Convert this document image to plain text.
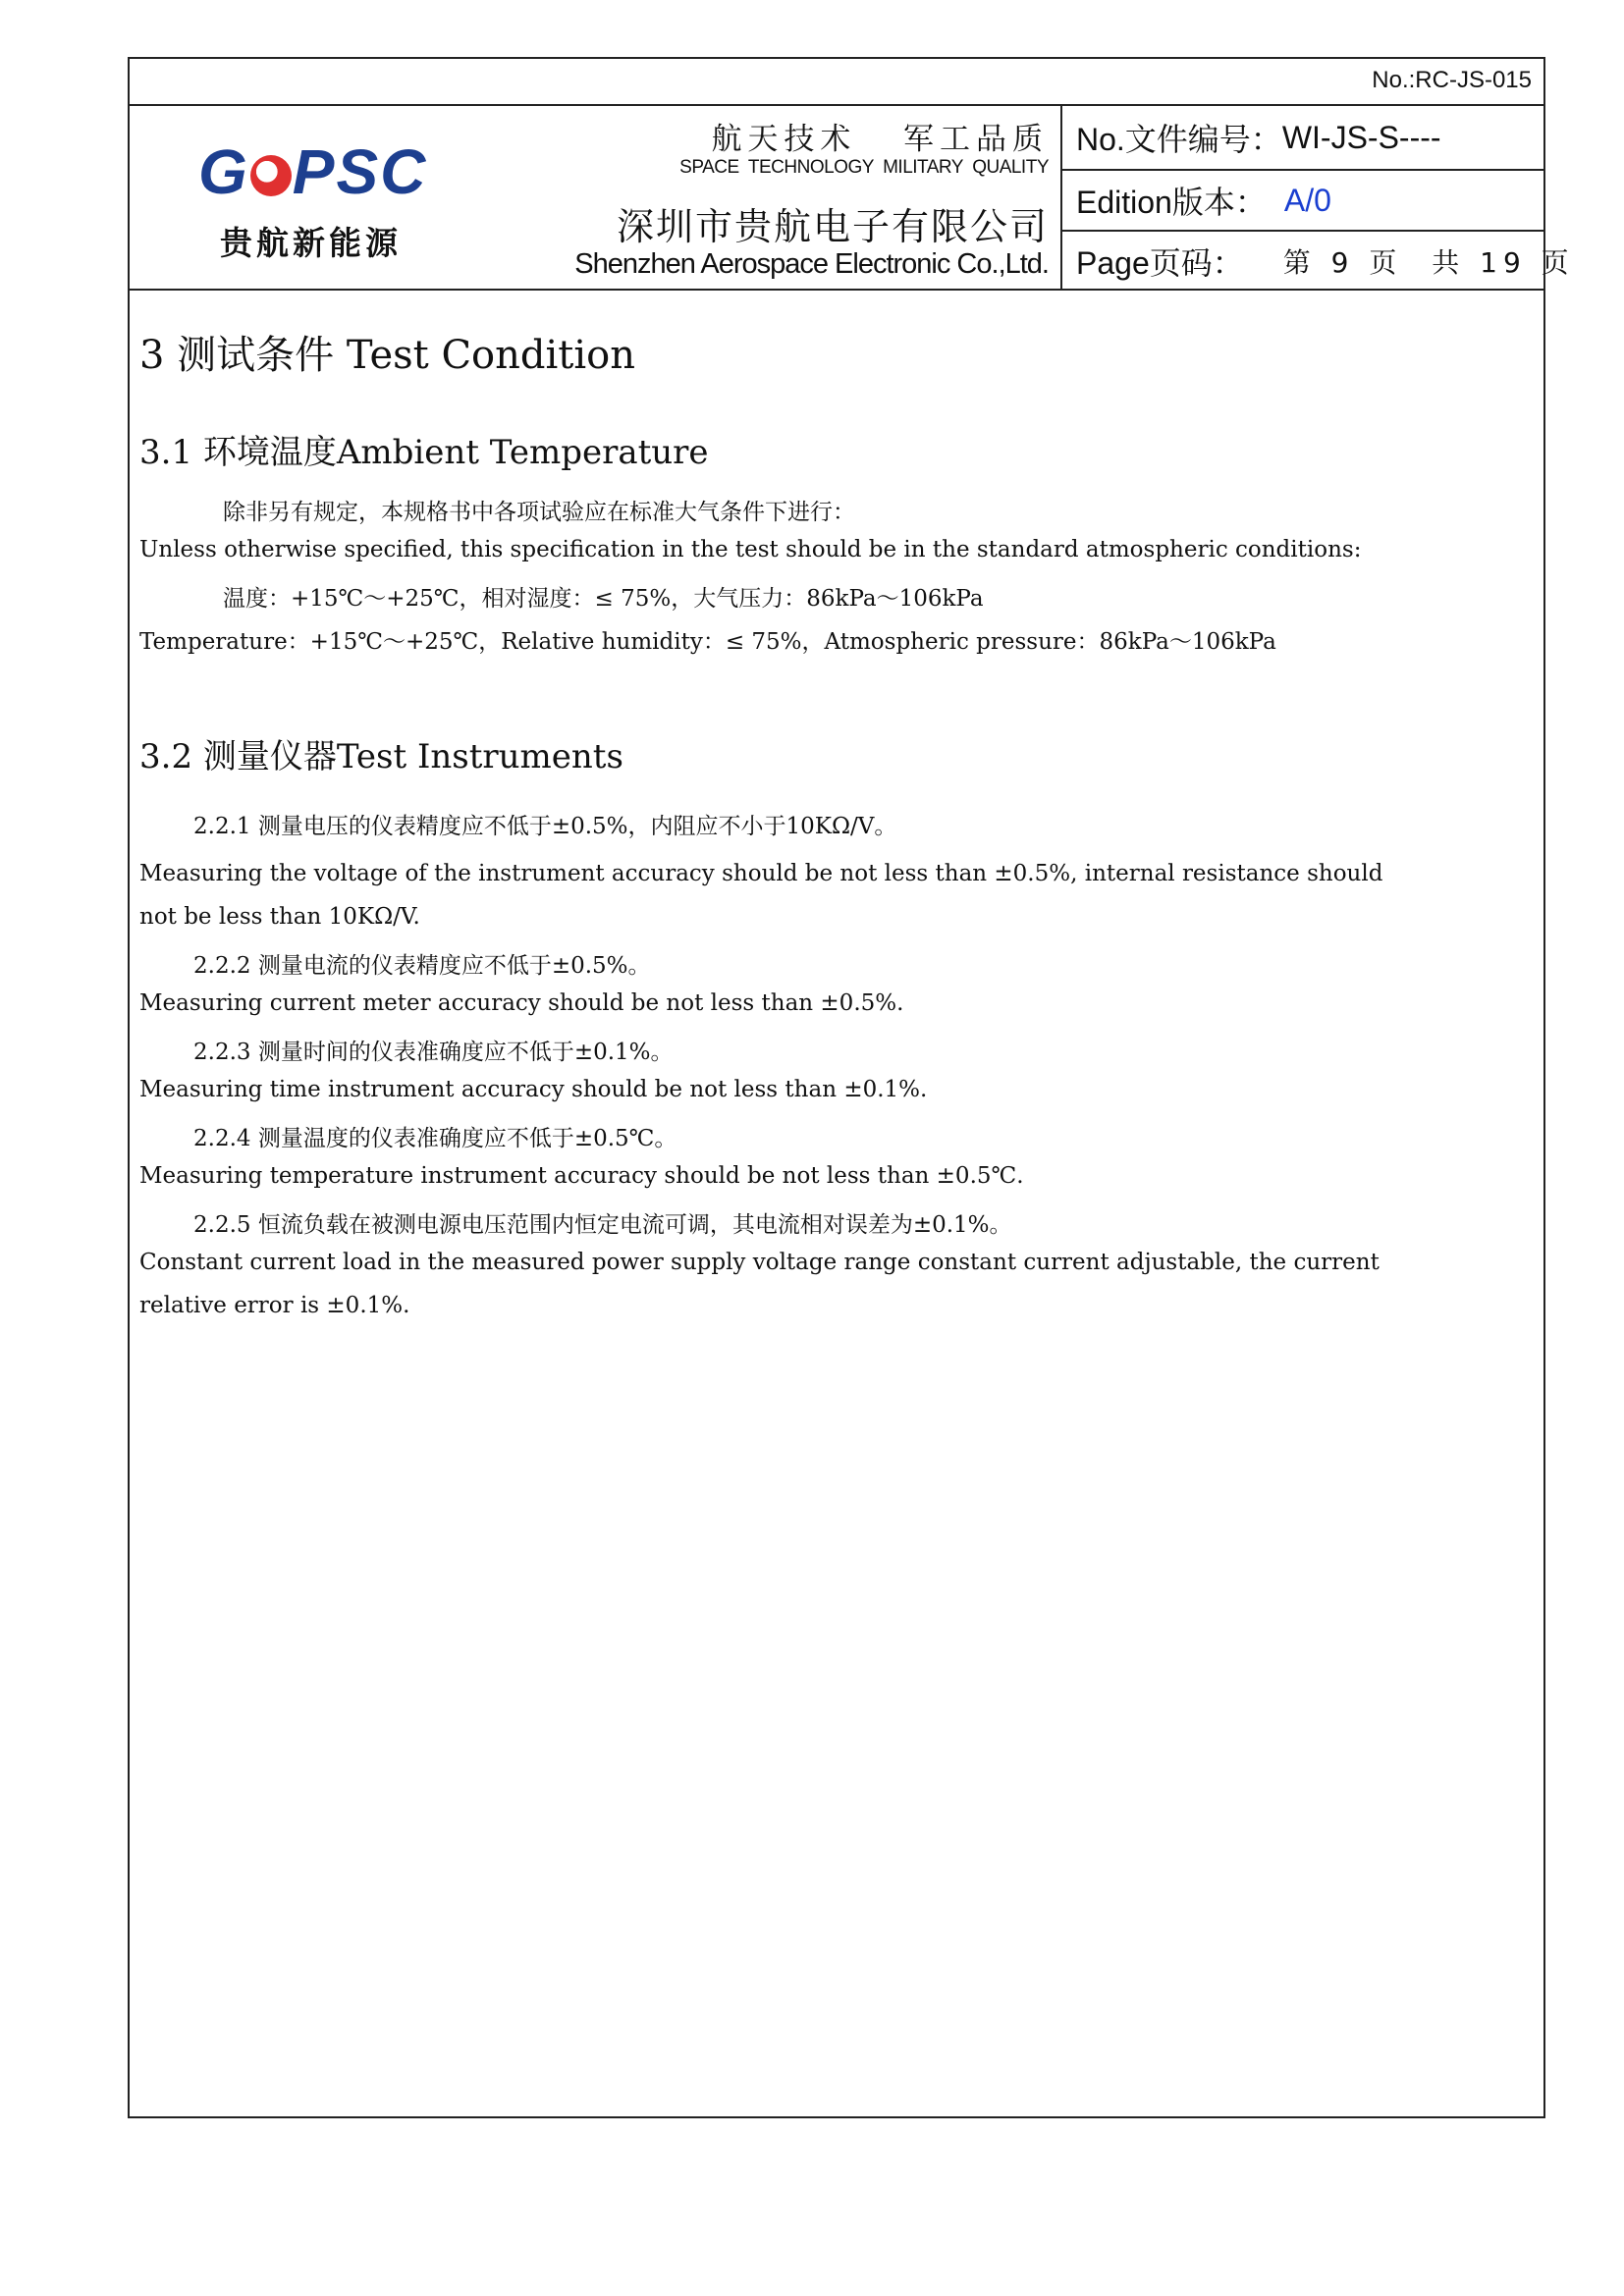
No.:RC-JS-015
G PSC
贵航新能源
航天技术   军工品质
SPACE  TECHNOLOGY  MILITARY  QUALITY
深圳市贵航电子有限公司
Shenzhen Aerospace Electronic Co.,Ltd.
No.文件编号： WI-JS-S----
Edition版本： A/0
Page页码： 第 9 页  共 19 页
3 测试条件 Test Condition
3.1 环境温度Ambient Temperature
除非另有规定，本规格书中各项试验应在标准大气条件下进行：
Unless otherwise specified, this specification in the test should be in the standard atmospheric conditions:
温度：+15℃～+25℃，相对湿度：≤ 75%，大气压力：86kPa～106kPa
Temperature：+15℃～+25℃，Relative humidity：≤ 75%，Atmospheric pressure：86kPa～106kPa
3.2 测量仪器Test Instruments
2.2.1 测量电压的仪表精度应不低于±0.5%，内阻应不小于10KΩ/V。
Measuring the voltage of the instrument accuracy should be not less than ±0.5%, internal resistance should
not be less than 10KΩ/V.
2.2.2 测量电流的仪表精度应不低于±0.5%。
Measuring current meter accuracy should be not less than ±0.5%.
2.2.3 测量时间的仪表准确度应不低于±0.1%。
Measuring time instrument accuracy should be not less than ±0.1%.
2.2.4 测量温度的仪表准确度应不低于±0.5℃。
Measuring temperature instrument accuracy should be not less than ±0.5℃.
2.2.5 恒流负载在被测电源电压范围内恒定电流可调，其电流相对误差为±0.1%。
Constant current load in the measured power supply voltage range constant current adjustable, the current
relative error is ±0.1%.
